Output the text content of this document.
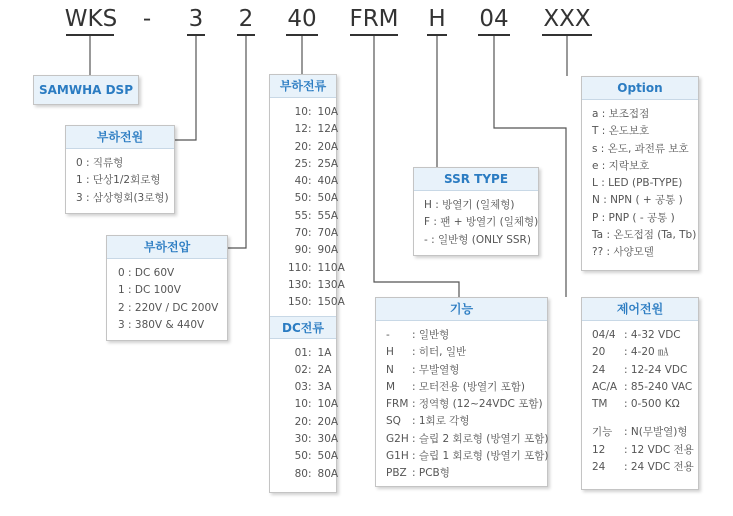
WKS - 3 2 40 FRM H 04 XXX
SAMWHA DSP
부하전원
0 : 직류형
1 : 단상1/2회로형
3 : 삼상형회(3로형)
부하전압
0 : DC 60V
1 : DC 100V
2 : 220V / DC 200V
3 : 380V & 440V
부하전류
10: 10A
12: 12A
20: 20A
25: 25A
40: 40A
50: 50A
55: 55A
70: 70A
90: 90A
110: 110A
130: 130A
150: 150A
DC전류
01: 1A
02: 2A
03: 3A
10: 10A
20: 20A
30: 30A
50: 50A
80: 80A
SSR TYPE
H : 방열기 (일체형)
F : 팬 + 방열기 (일체형)
- : 일반형 (ONLY SSR)
기능
- : 일반형
H : 히터, 일반
N : 무발열형
M : 모터전용 (방열기 포함)
FRM : 정역형 (12~24VDC 포함)
SQ : 1회로 각형
G2H : 슬립 2 회로형 (방열기 포함)
G1H : 슬립 1 회로형 (방열기 포함)
PBZ : PCB형
Option
a : 보조접점
T : 온도보호
s : 온도, 과전류 보호
e : 지락보호
L : LED (PB-TYPE)
N : NPN ( + 공통 )
P : PNP ( - 공통 )
Ta : 온도접점 (Ta, Tb)
?? : 사양모델
제어전원
04/4 : 4-32 VDC
20 : 4-20 ㎃
24 : 12-24 VDC
AC/A : 85-240 VAC
TM : 0-500 KΩ
기능 : N(무발열)형
12 : 12 VDC 전용
24 : 24 VDC 전용
